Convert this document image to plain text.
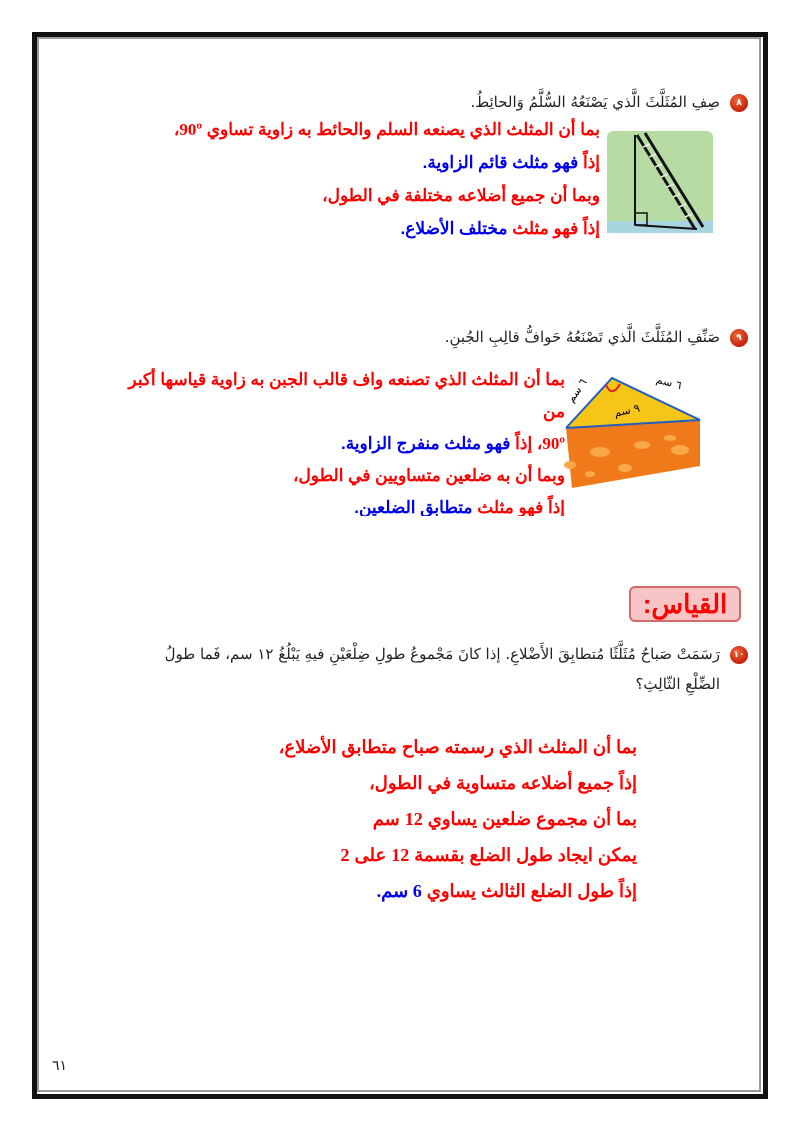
٨صِفِ المُثَلَّثَ الَّذي يَصْنَعُهُ السُّلَّمُ وَالحائِطُ.
بما أن المثلث الذي يصنعه السلم والحائط به زاوية تساوي 90º،
إذاً فهو مثلث قائم الزاوية.
وبما أن جميع أضلاعه مختلفة في الطول،
إذاً فهو مثلث مختلف الأضلاع.
٩صَنِّفِ المُثَلَّثَ الَّذي تَصْنَعُهُ حَوافُّ قالِبِ الجُبنِ.
بما أن المثلث الذي تصنعه واف قالب الجبن به زاوية قياسها أكبر
من
90º، إذاً فهو مثلث منفرج الزاوية.
وبما أن به ضلعين متساويين في الطول،
إذاً فهو مثلث متطابق الضلعين.
٦ سم	٦ سم
٩ سم
القياس:
١٠رَسَمَتْ صَباحُ مُثَلَّثًا مُتطابِقَ الأَضْلاعِ. إذا كانَ مَجْموعُ طولِ ضِلْعَيْنِ فيهِ يَبْلُغُ ١٢ سم، فَما طولُ
الضِّلْعِ الثّالِثِ؟
بما أن المثلث الذي رسمته صباح متطابق الأضلاع،
إذاً جميع أضلاعه متساوية في الطول،
بما أن مجموع ضلعين يساوي 12 سم
يمكن ايجاد طول الضلع بقسمة 12 على 2
إذاً طول الضلع الثالث يساوي 6 سم.
٦١
